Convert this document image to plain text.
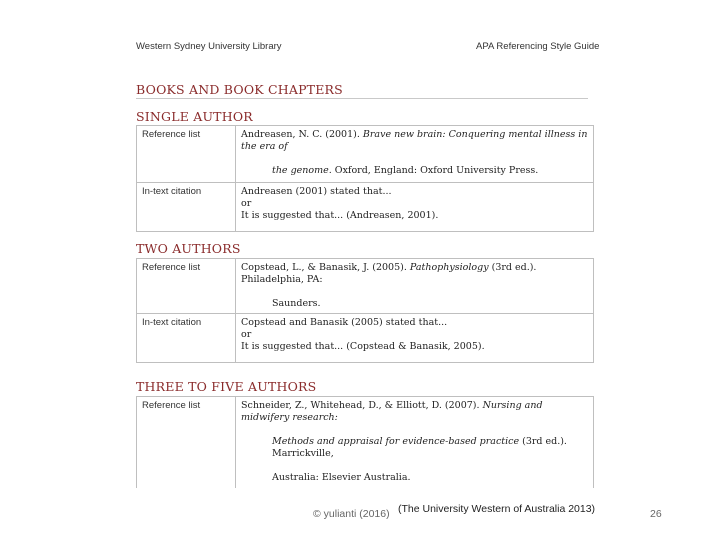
Western Sydney University Library	APA Referencing Style Guide
BOOKS AND BOOK CHAPTERS
SINGLE AUTHOR
Reference list	Andreasen, N. C. (2001). Brave new brain: Conquering mental illness in the era of
the genome. Oxford, England: Oxford University Press.

In-text citation	Andreasen (2001) stated that...
or
It is suggested that... (Andreasen, 2001).
TWO AUTHORS
Reference list	Copstead, L., & Banasik, J. (2005). Pathophysiology (3rd ed.). Philadelphia, PA:
Saunders.

In-text citation	Copstead and Banasik (2005) stated that...
or
It is suggested that... (Copstead & Banasik, 2005).
THREE TO FIVE AUTHORS
Reference list	Schneider, Z., Whitehead, D., & Elliott, D. (2007). Nursing and midwifery research:
Methods and appraisal for evidence-based practice (3rd ed.). Marrickville,
Australia: Elsevier Australia.
© yulianti (2016) (The University Western of Australia 2013)	26
